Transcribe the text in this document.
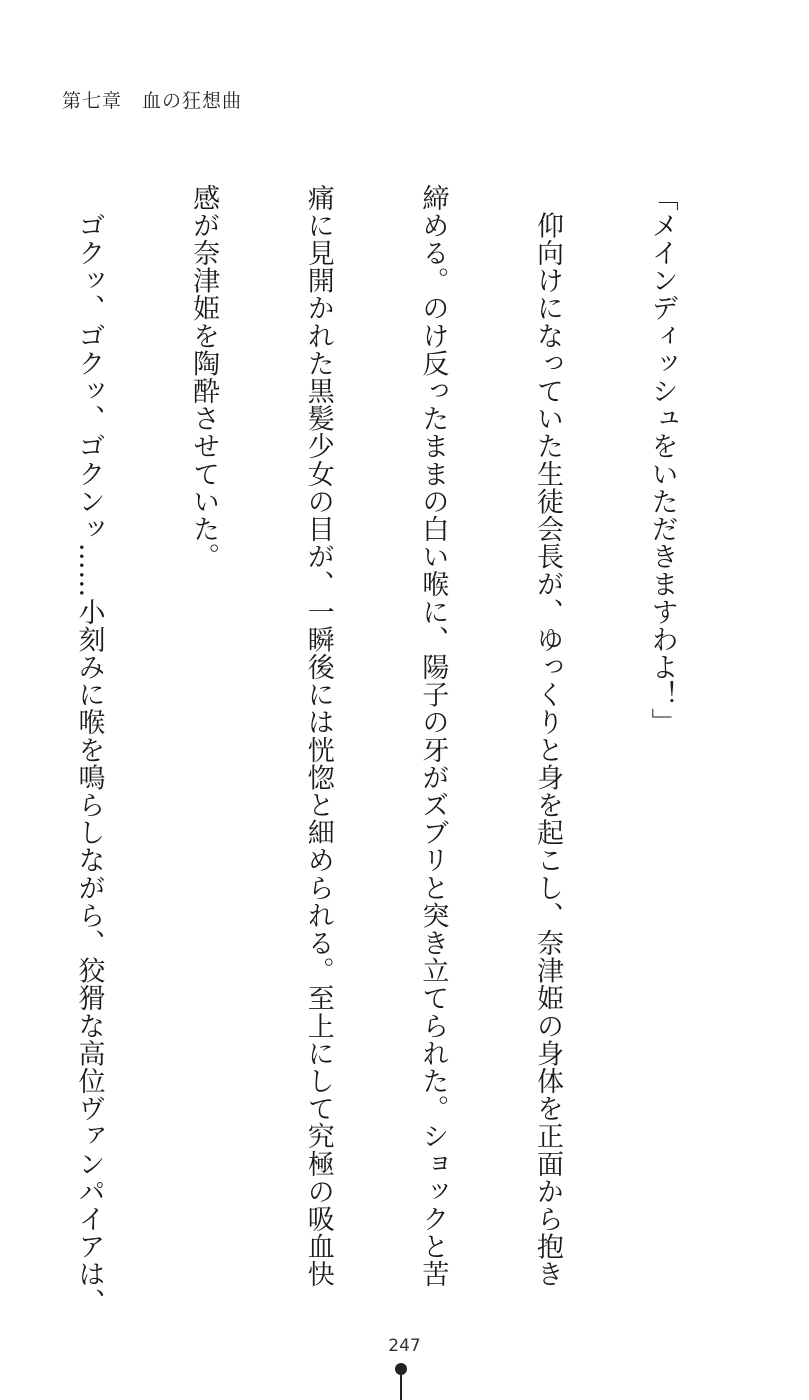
第七章　血の狂想曲

「メインディッシュをいただきますわよ！」

　仰向けになっていた生徒会長が、ゆっくりと身を起こし、奈津姫の身体を正面から抱き

締める。のけ反ったままの白い喉に、陽子の牙がズブリと突き立てられた。ショックと苦

痛に見開かれた黒髪少女の目が、一瞬後には恍惚と細められる。至上にして究極の吸血快

感が奈津姫を陶酔させていた。

　ゴクッ、ゴクッ、ゴクンッ……小刻みに喉を鳴らしながら、狡猾な高位ヴァンパイアは、

247
